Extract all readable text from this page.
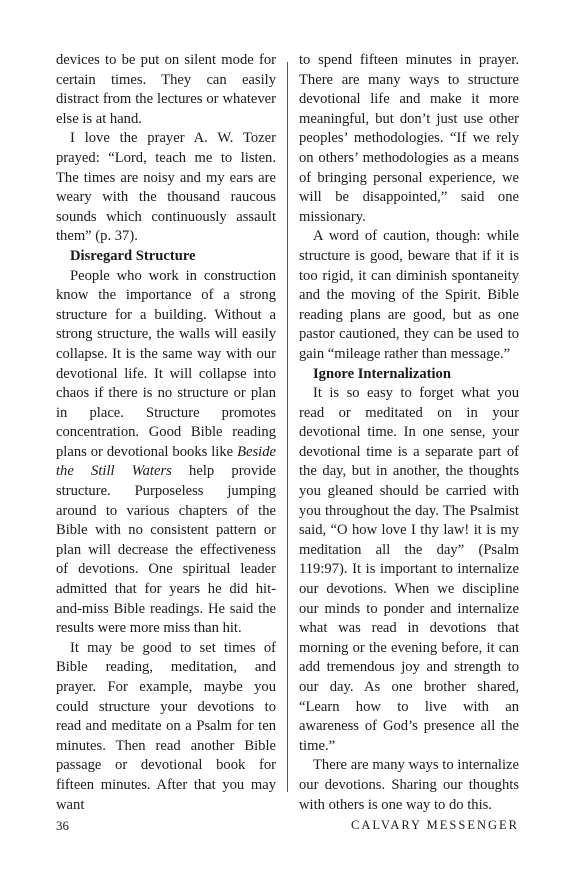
devices to be put on silent mode for certain times. They can easily distract from the lectures or whatever else is at hand.

I love the prayer A. W. Tozer prayed: “Lord, teach me to listen. The times are noisy and my ears are weary with the thousand raucous sounds which continuously assault them” (p. 37).

Disregard Structure

People who work in construction know the importance of a strong structure for a building. Without a strong structure, the walls will easily collapse. It is the same way with our devotional life. It will collapse into chaos if there is no structure or plan in place. Structure promotes concentration. Good Bible reading plans or devotional books like Beside the Still Waters help provide structure. Purposeless jumping around to various chapters of the Bible with no consistent pattern or plan will decrease the effectiveness of devotions. One spiritual leader admitted that for years he did hit-and-miss Bible readings. He said the results were more miss than hit.

It may be good to set times of Bible reading, meditation, and prayer. For example, maybe you could structure your devotions to read and meditate on a Psalm for ten minutes. Then read another Bible passage or devotional book for fifteen minutes. After that you may want

to spend fifteen minutes in prayer. There are many ways to structure devotional life and make it more meaningful, but don’t just use other peoples’ methodologies. “If we rely on others’ methodologies as a means of bringing personal experience, we will be disappointed,” said one missionary.

A word of caution, though: while structure is good, beware that if it is too rigid, it can diminish spontaneity and the moving of the Spirit. Bible reading plans are good, but as one pastor cautioned, they can be used to gain “mileage rather than message.”

Ignore Internalization

It is so easy to forget what you read or meditated on in your devotional time. In one sense, your devotional time is a separate part of the day, but in another, the thoughts you gleaned should be carried with you throughout the day. The Psalmist said, “O how love I thy law! it is my meditation all the day” (Psalm 119:97). It is important to internalize our devotions. When we discipline our minds to ponder and internalize what was read in devotions that morning or the evening before, it can add tremendous joy and strength to our day. As one brother shared, “Learn how to live with an awareness of God’s presence all the time.”

There are many ways to internalize our devotions. Sharing our thoughts with others is one way to do this.

36	CALVARY MESSENGER
